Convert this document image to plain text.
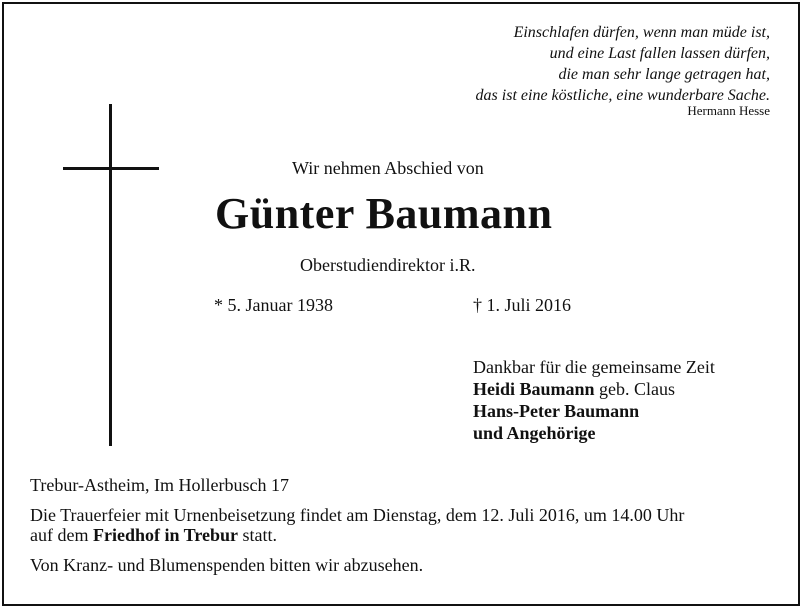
Einschlafen dürfen, wenn man müde ist,
und eine Last fallen lassen dürfen,
die man sehr lange getragen hat,
das ist eine köstliche, eine wunderbare Sache.
Hermann Hesse
Wir nehmen Abschied von
Günter Baumann
Oberstudiendirektor i.R.
* 5. Januar 1938	† 1. Juli 2016
Dankbar für die gemeinsame Zeit
Heidi Baumann geb. Claus
Hans-Peter Baumann
und Angehörige
Trebur-Astheim, Im Hollerbusch 17
Die Trauerfeier mit Urnenbeisetzung findet am Dienstag, dem 12. Juli 2016, um 14.00 Uhr
auf dem Friedhof in Trebur statt.
Von Kranz- und Blumenspenden bitten wir abzusehen.
